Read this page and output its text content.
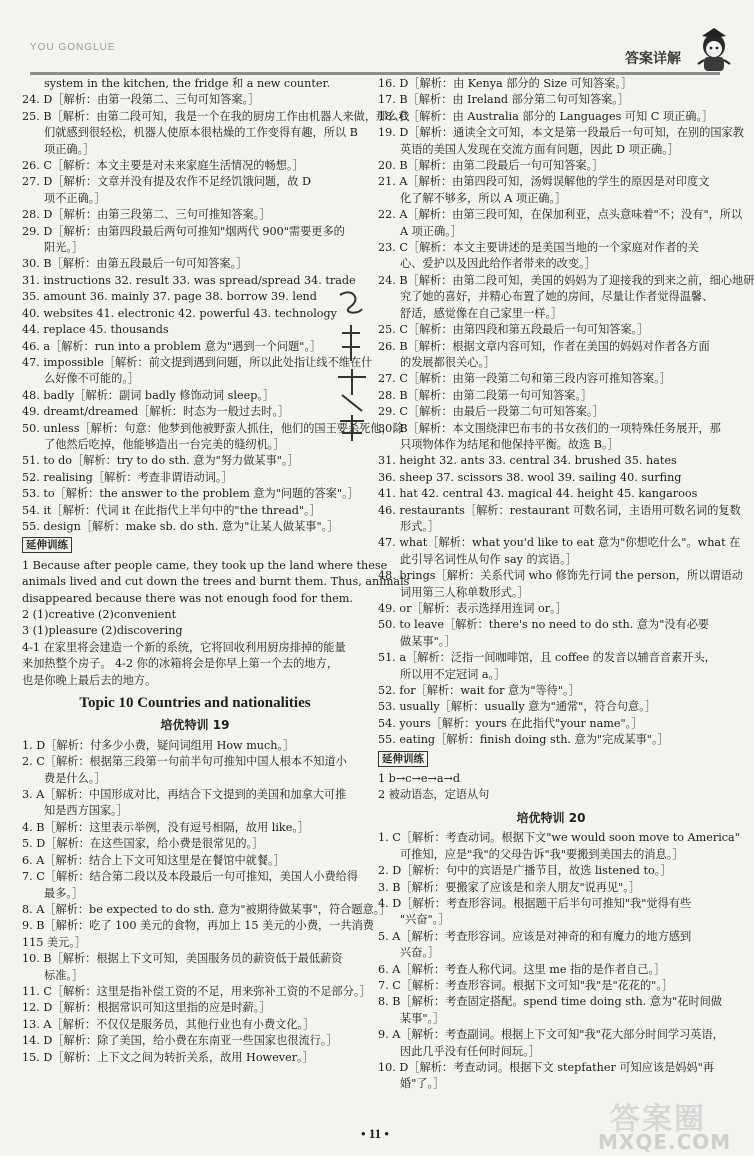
YOU GONGLUE
答案详解
system in the kitchen, the fridge 和 a new counter.
24. D［解析：由第一段第二、三句可知答案。］
25. B［解析：由第二段可知，我是一个在我的厨房工作由机器人来做，那么我
们就感到很轻松，机器人使原本很枯燥的工作变得有趣，所以 B
项正确。］
26. C［解析：本文主要是对未来家庭生活情况的畅想。］
27. D［解析：文章并没有提及农作不足经饥饿问题，故 D
项不正确。］
28. D［解析：由第三段第二、三句可推知答案。］
29. D［解析：由第四段最后两句可推知"烟两代 900"需要更多的
阳光。］
30. B［解析：由第五段最后一句可知答案。］
31. instructions 32. result 33. was spread/spread 34. trade
35. amount 36. mainly 37. page 38. borrow 39. lend
40. websites 41. electronic 42. powerful 43. technology
44. replace 45. thousands
46. a［解析：run into a problem 意为"遇到一个问题"。］
47. impossible［解析：前文提到遇到问题，所以此处指让线不维在什
么好像不可能的。］
48. badly［解析：副词 badly 修饰动词 sleep。］
49. dreamt/dreamed［解析：时态为一般过去时。］
50. unless［解析：句意：他梦到他被野蛮人抓住，他们的国王要杀死他，除
了他然后吃掉，他能够造出一台完美的缝纫机。］
51. to do［解析：try to do sth. 意为"努力做某事"。］
52. realising［解析：考查非谓语动词。］
53. to［解析：the answer to the problem 意为"问题的答案"。］
54. it［解析：代词 it 在此指代上半句中的"the thread"。］
55. design［解析：make sb. do sth. 意为"让某人做某事"。］
延伸训练
1 Because after people came, they took up the land where these
animals lived and cut down the trees and burnt them. Thus, animals
disappeared because there was not enough food for them.
2 (1)creative (2)convenient
3 (1)pleasure (2)discovering
4-1 在家里将会建造一个新的系统，它将回收利用厨房排掉的能量
来加热整个房子。 4-2 你的冰箱将会是你早上第一个去的地方，
也是你晚上最后去的地方。
Topic 10 Countries and nationalities
培优特训 19
1. D［解析：付多少小费，疑问词组用 How much。］
2. C［解析：根据第三段第一句前半句可推知中国人根本不知道小
费是什么。］
3. A［解析：中国形成对比，再结合下文提到的美国和加拿大可推
知是西方国家。］
4. B［解析：这里表示举例，没有逗号相隔，故用 like。］
5. D［解析：在这些国家，给小费是很常见的。］
6. A［解析：结合上下文可知这里是在餐馆中就餐。］
7. C［解析：结合第二段以及本段最后一句可推知，美国人小费给得
最多。］
8. A［解析：be expected to do sth. 意为"被期待做某事"，符合题意。］
9. B［解析：吃了 100 美元的食物，再加上 15 美元的小费，一共消费
115 美元。］
10. B［解析：根据上下文可知，美国服务员的薪资低于最低薪资
标准。］
11. C［解析：这里是指补偿工资的不足，用来弥补工资的不足部分。］
12. D［解析：根据常识可知这里指的应是时薪。］
13. A［解析：不仅仅是服务员，其他行业也有小费文化。］
14. D［解析：除了美国，给小费在东南亚一些国家也很流行。］
15. D［解析：上下文之间为转折关系，故用 However。］
16. D［解析：由 Kenya 部分的 Size 可知答案。］
17. B［解析：由 Ireland 部分第二句可知答案。］
18. C［解析：由 Australia 部分的 Languages 可知 C 项正确。］
19. D［解析：通读全文可知，本文是第一段最后一句可知，在别的国家教
英语的美国人发现在交流方面有问题，因此 D 项正确。］
20. B［解析：由第二段最后一句可知答案。］
21. A［解析：由第四段可知，汤姆误解他的学生的原因是对印度文
化了解不够多，所以 A 项正确。］
22. A［解析：由第三段可知，在保加利亚，点头意味着"不；没有"，所以
A 项正确。］
23. C［解析：本文主要讲述的是美国当地的一个家庭对作者的关
心、爱护以及因此给作者带来的改变。］
24. B［解析：由第二段可知，美国的妈妈为了迎接我的到来之前，细心地研
究了她的喜好，并精心布置了她的房间，尽量让作者觉得温馨、
舒适，感觉像在自己家里一样。］
25. C［解析：由第四段和第五段最后一句可知答案。］
26. B［解析：根据文章内容可知，作者在美国的妈妈对作者各方面
的发展都很关心。］
27. C［解析：由第一段第二句和第三段内容可推知答案。］
28. B［解析：由第二段第一句可知答案。］
29. C［解析：由最后一段第二句可知答案。］
30. B［解析：本文围绕津巴布韦的书女孩们的一项特殊任务展开，那
只项物体作为结尾和他保持平衡。故选 B。］
31. height 32. ants 33. central 34. brushed 35. hates
36. sheep 37. scissors 38. wool 39. sailing 40. surfing
41. hat 42. central 43. magical 44. height 45. kangaroos
46. restaurants［解析：restaurant 可数名词，主语用可数名词的复数
形式。］
47. what［解析：what you'd like to eat 意为"你想吃什么"。what 在
此引导名词性从句作 say 的宾语。］
48. brings［解析：关系代词 who 修饰先行词 the person，所以谓语动
词用第三人称单数形式。］
49. or［解析：表示选择用连词 or。］
50. to leave［解析：there's no need to do sth. 意为"没有必要
做某事"。］
51. a［解析：泛指一间咖啡馆，且 coffee 的发音以辅音音素开头，
所以用不定冠词 a。］
52. for［解析：wait for 意为"等待"。］
53. usually［解析：usually 意为"通常"，符合句意。］
54. yours［解析：yours 在此指代"your name"。］
55. eating［解析：finish doing sth. 意为"完成某事"。］
延伸训练
1 b→c→e→a→d
2 被动语态，定语从句
培优特训 20
1. C［解析：考查动词。根据下文"we would soon move to America"
可推知，应是"我"的父母告诉"我"要搬到美国去的消息。］
2. D［解析：句中的宾语是广播节目，故选 listened to。］
3. B［解析：要搬家了应该是和亲人朋友"说再见"。］
4. D［解析：考查形容词。根据题干后半句可推知"我"觉得有些
"兴奋"。］
5. A［解析：考查形容词。应该是对神奇的和有魔力的地方感到
兴奋。］
6. A［解析：考查人称代词。这里 me 指的是作者自己。］
7. C［解析：考查形容词。根据下文可知"我"是"花花的"。］
8. B［解析：考查固定搭配。spend time doing sth. 意为"花时间做
某事"。］
9. A［解析：考查副词。根据上下文可知"我"花大部分时间学习英语，
因此几乎没有任何时间玩。］
10. D［解析：考查动词。根据下文 stepfather 可知应该是妈妈"再
婚"了。］
• 11 •	答案圈
MXQE.COM
